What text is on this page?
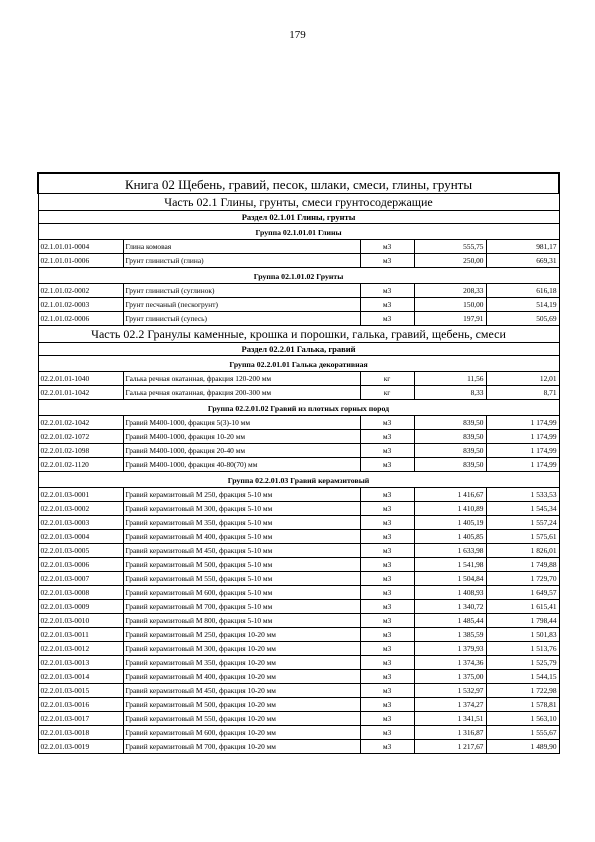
179
Книга 02 Щебень, гравий, песок, шлаки, смеси, глины, грунты				
Часть 02.1 Глины, грунты, смеси грунтосодержащие				
Раздел 02.1.01 Глины, грунты				
Группа 02.1.01.01 Глины				
02.1.01.01-0004	Глина комовая	м3	555,75	981,17
02.1.01.01-0006	Грунт глинистый (глина)	м3	250,00	669,31
Группа 02.1.01.02 Грунты				
02.1.01.02-0002	Грунт глинистый (суглинок)	м3	208,33	616,18
02.1.01.02-0003	Грунт песчаный (пескогрунт)	м3	150,00	514,19
02.1.01.02-0006	Грунт глинистый (супесь)	м3	197,91	505,69
Часть 02.2 Гранулы каменные, крошка и порошки, галька, гравий, щебень, смеси				
Раздел 02.2.01 Галька, гравий				
Группа 02.2.01.01 Галька декоративная				
02.2.01.01-1040	Галька речная окатанная, фракция 120-200 мм	кг	11,56	12,01
02.2.01.01-1042	Галька речная окатанная, фракция 200-300 мм	кг	8,33	8,71
Группа 02.2.01.02 Гравий из плотных горных пород				
02.2.01.02-1042	Гравий М400-1000, фракция 5(3)-10 мм	м3	839,50	1 174,99
02.2.01.02-1072	Гравий М400-1000, фракция 10-20 мм	м3	839,50	1 174,99
02.2.01.02-1098	Гравий М400-1000, фракция 20-40 мм	м3	839,50	1 174,99
02.2.01.02-1120	Гравий М400-1000, фракция 40-80(70) мм	м3	839,50	1 174,99
Группа 02.2.01.03 Гравий керамзитовый				
02.2.01.03-0001	Гравий керамзитовый М 250, фракция 5-10 мм	м3	1 416,67	1 533,53
02.2.01.03-0002	Гравий керамзитовый М 300, фракция 5-10 мм	м3	1 410,89	1 545,34
02.2.01.03-0003	Гравий керамзитовый М 350, фракция 5-10 мм	м3	1 405,19	1 557,24
02.2.01.03-0004	Гравий керамзитовый М 400, фракция 5-10 мм	м3	1 405,85	1 575,61
02.2.01.03-0005	Гравий керамзитовый М 450, фракция 5-10 мм	м3	1 633,98	1 826,01
02.2.01.03-0006	Гравий керамзитовый М 500, фракция 5-10 мм	м3	1 541,98	1 749,88
02.2.01.03-0007	Гравий керамзитовый М 550, фракция 5-10 мм	м3	1 504,84	1 729,70
02.2.01.03-0008	Гравий керамзитовый М 600, фракция 5-10 мм	м3	1 408,93	1 649,57
02.2.01.03-0009	Гравий керамзитовый М 700, фракция 5-10 мм	м3	1 340,72	1 615,41
02.2.01.03-0010	Гравий керамзитовый М 800, фракция 5-10 мм	м3	1 485,44	1 798,44
02.2.01.03-0011	Гравий керамзитовый М 250, фракция 10-20 мм	м3	1 385,59	1 501,83
02.2.01.03-0012	Гравий керамзитовый М 300, фракция 10-20 мм	м3	1 379,93	1 513,76
02.2.01.03-0013	Гравий керамзитовый М 350, фракция 10-20 мм	м3	1 374,36	1 525,79
02.2.01.03-0014	Гравий керамзитовый М 400, фракция 10-20 мм	м3	1 375,00	1 544,15
02.2.01.03-0015	Гравий керамзитовый М 450, фракция 10-20 мм	м3	1 532,97	1 722,98
02.2.01.03-0016	Гравий керамзитовый М 500, фракция 10-20 мм	м3	1 374,27	1 578,81
02.2.01.03-0017	Гравий керамзитовый М 550, фракция 10-20 мм	м3	1 341,51	1 563,10
02.2.01.03-0018	Гравий керамзитовый М 600, фракция 10-20 мм	м3	1 316,87	1 555,67
02.2.01.03-0019	Гравий керамзитовый М 700, фракция 10-20 мм	м3	1 217,67	1 489,90
